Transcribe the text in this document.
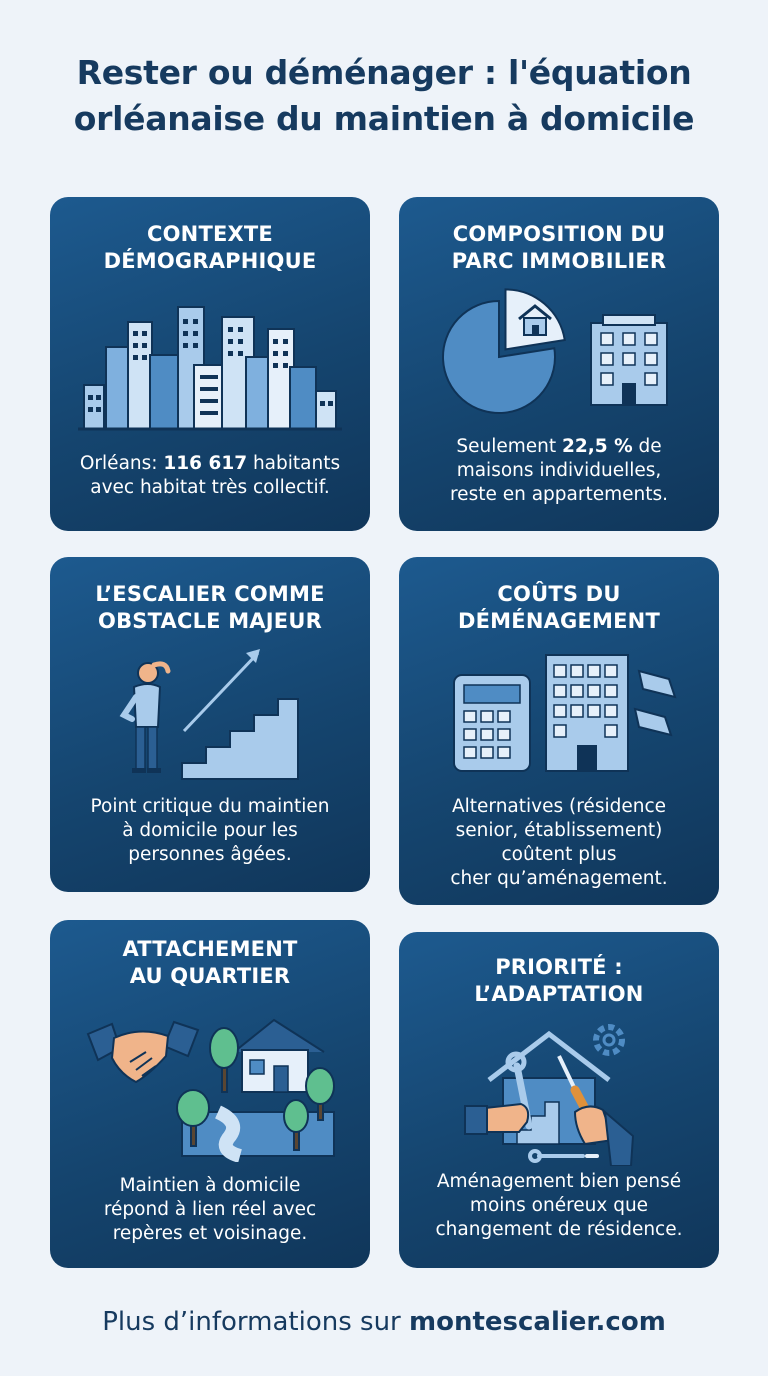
Rester ou déménager : l'équation
orléanaise du maintien à domicile
CONTEXTE
DÉMOGRAPHIQUE
Orléans: 116 617 habitants
avec habitat très collectif.
COMPOSITION DU
PARC IMMOBILIER
Seulement 22,5 % de
maisons individuelles,
reste en appartements.
L’ESCALIER COMME
OBSTACLE MAJEUR
Point critique du maintien
à domicile pour les
personnes âgées.
COÛTS DU
DÉMÉNAGEMENT
Alternatives (résidence
senior, établissement)
coûtent plus
cher qu’aménagement.
ATTACHEMENT
AU QUARTIER
Maintien à domicile
répond à lien réel avec
repères et voisinage.
PRIORITÉ :
L’ADAPTATION
Aménagement bien pensé
moins onéreux que
changement de résidence.
Plus d’informations sur montescalier.com
